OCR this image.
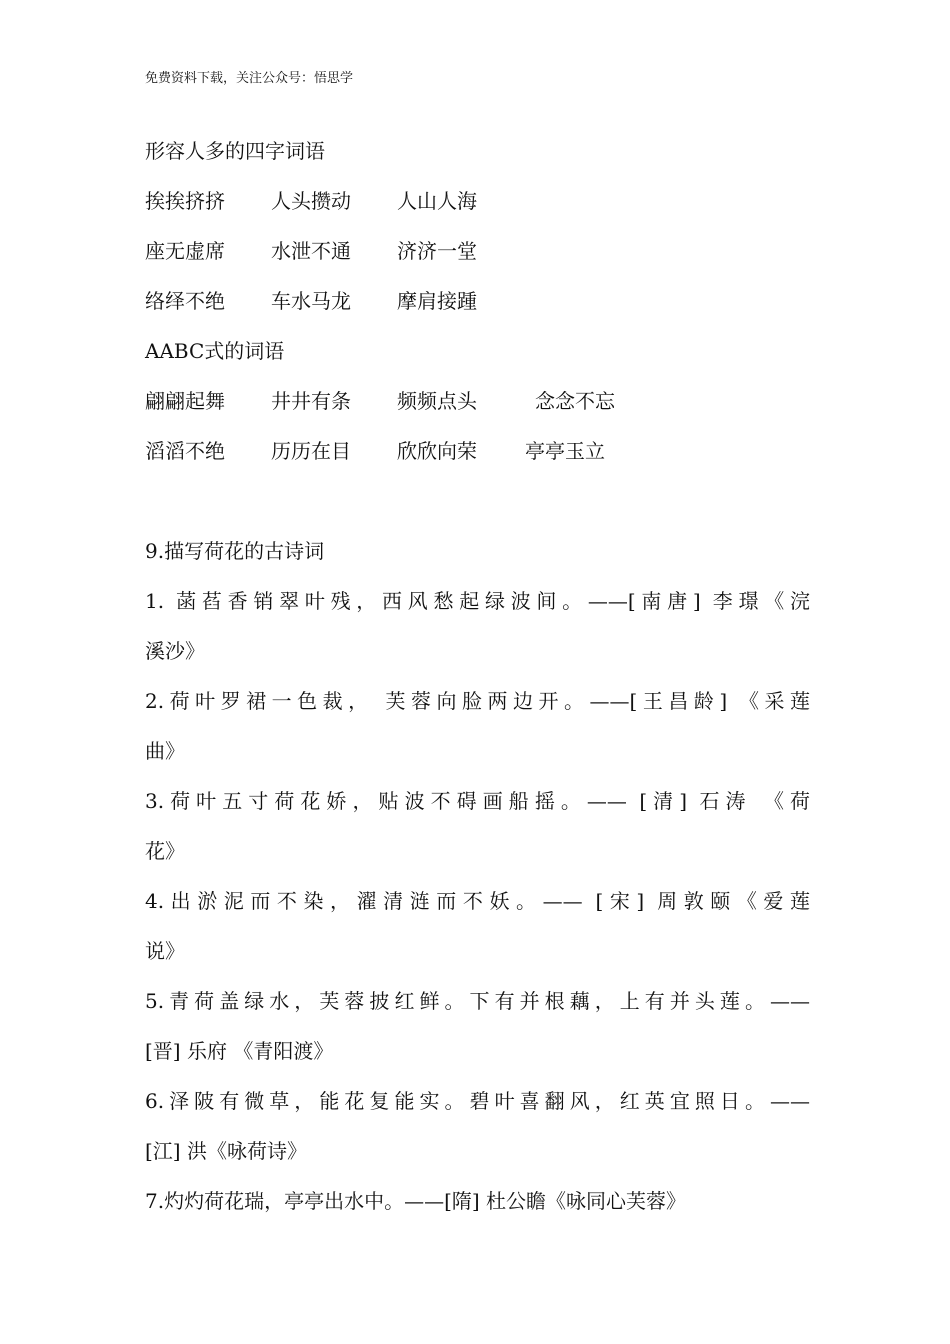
免费资料下载，关注公众号：悟思学
形容人多的四字词语
挨挨挤挤 人头攒动 人山人海
座无虚席 水泄不通 济济一堂
络绎不绝 车水马龙 摩肩接踵
AABC式的词语
翩翩起舞 井井有条 频频点头	念念不忘
滔滔不绝 历历在目 欣欣向荣 亭亭玉立
9.描写荷花的古诗词
1. 菡萏香销翠叶残，西风愁起绿波间。——[南唐] 李璟《浣
溪沙》
2.荷叶罗裙一色裁， 芙蓉向脸两边开。——[王昌龄] 《采莲
曲》
3.荷叶五寸荷花娇，贴波不碍画船摇。—— [清] 石涛 《荷
花》
4.出淤泥而不染，濯清涟而不妖。—— [宋] 周敦颐《爱莲
说》
5.青荷盖绿水，芙蓉披红鲜。下有并根藕，上有并头莲。——
[晋] 乐府 《青阳渡》
6.泽陂有微草，能花复能实。碧叶喜翻风，红英宜照日。——
[江] 洪《咏荷诗》
7.灼灼荷花瑞，亭亭出水中。——[隋] 杜公瞻《咏同心芙蓉》
